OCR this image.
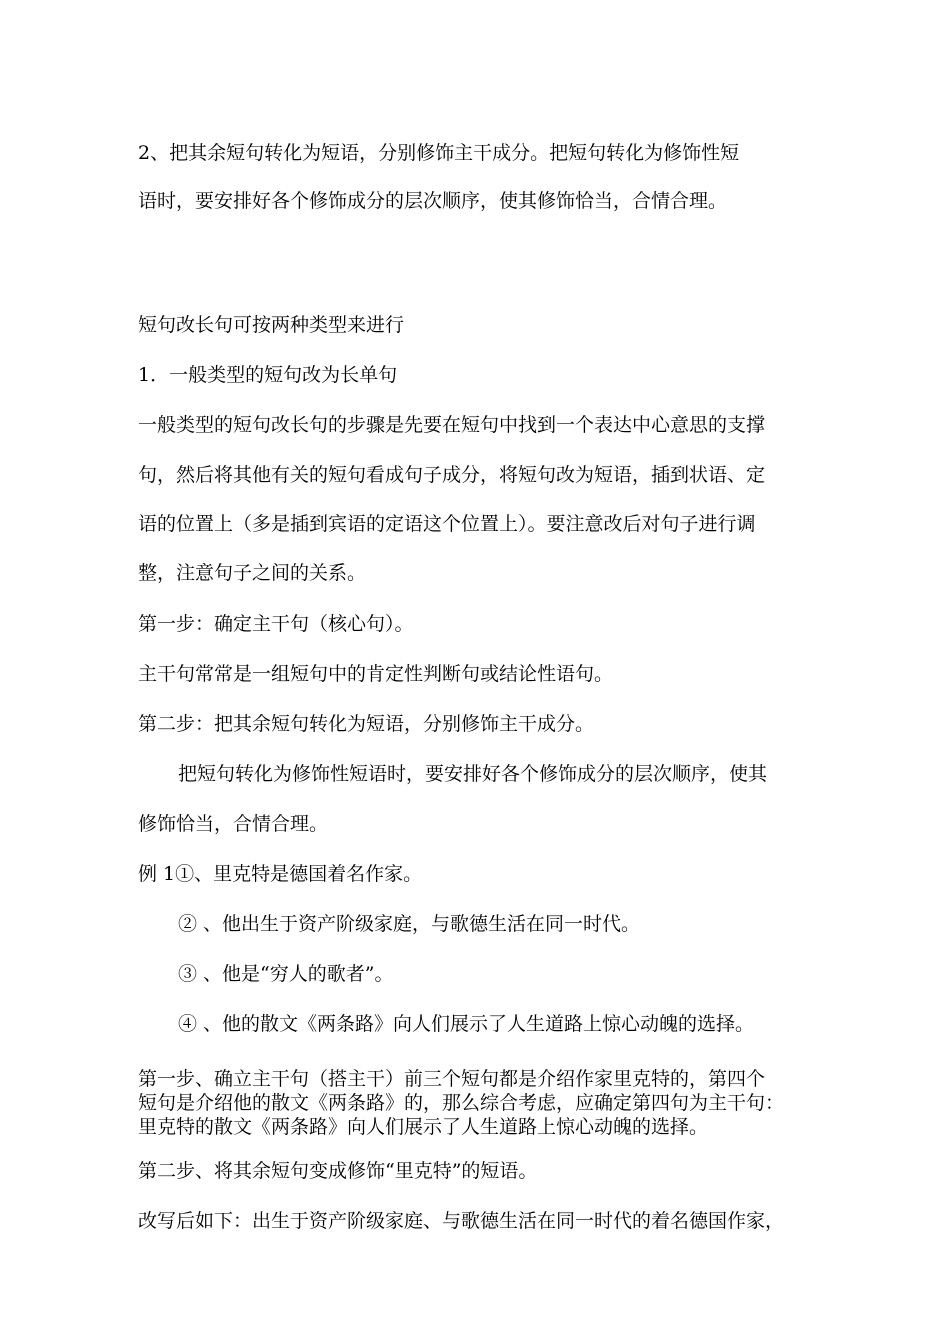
2、把其余短句转化为短语，分别修饰主干成分。把短句转化为修饰性短

语时，要安排好各个修饰成分的层次顺序，使其修饰恰当，合情合理。

短句改长句可按两种类型来进行

1．一般类型的短句改为长单句

一般类型的短句改长句的步骤是先要在短句中找到一个表达中心意思的支撑

句，然后将其他有关的短句看成句子成分，将短句改为短语，插到状语、定

语的位置上（多是插到宾语的定语这个位置上）。要注意改后对句子进行调

整，注意句子之间的关系。

第一步：确定主干句（核心句）。

主干句常常是一组短句中的肯定性判断句或结论性语句。

第二步：把其余短句转化为短语，分别修饰主干成分。

把短句转化为修饰性短语时，要安排好各个修饰成分的层次顺序，使其

修饰恰当，合情合理。

例 1①、里克特是德国着名作家。

② 、他出生于资产阶级家庭，与歌德生活在同一时代。

③ 、他是“穷人的歌者”。

④ 、他的散文《两条路》向人们展示了人生道路上惊心动魄的选择。

第一步、确立主干句（搭主干）前三个短句都是介绍作家里克特的，第四个

短句是介绍他的散文《两条路》的，那么综合考虑，应确定第四句为主干句：

里克特的散文《两条路》向人们展示了人生道路上惊心动魄的选择。

第二步、将其余短句变成修饰“里克特”的短语。

改写后如下：出生于资产阶级家庭、与歌德生活在同一时代的着名德国作家，
